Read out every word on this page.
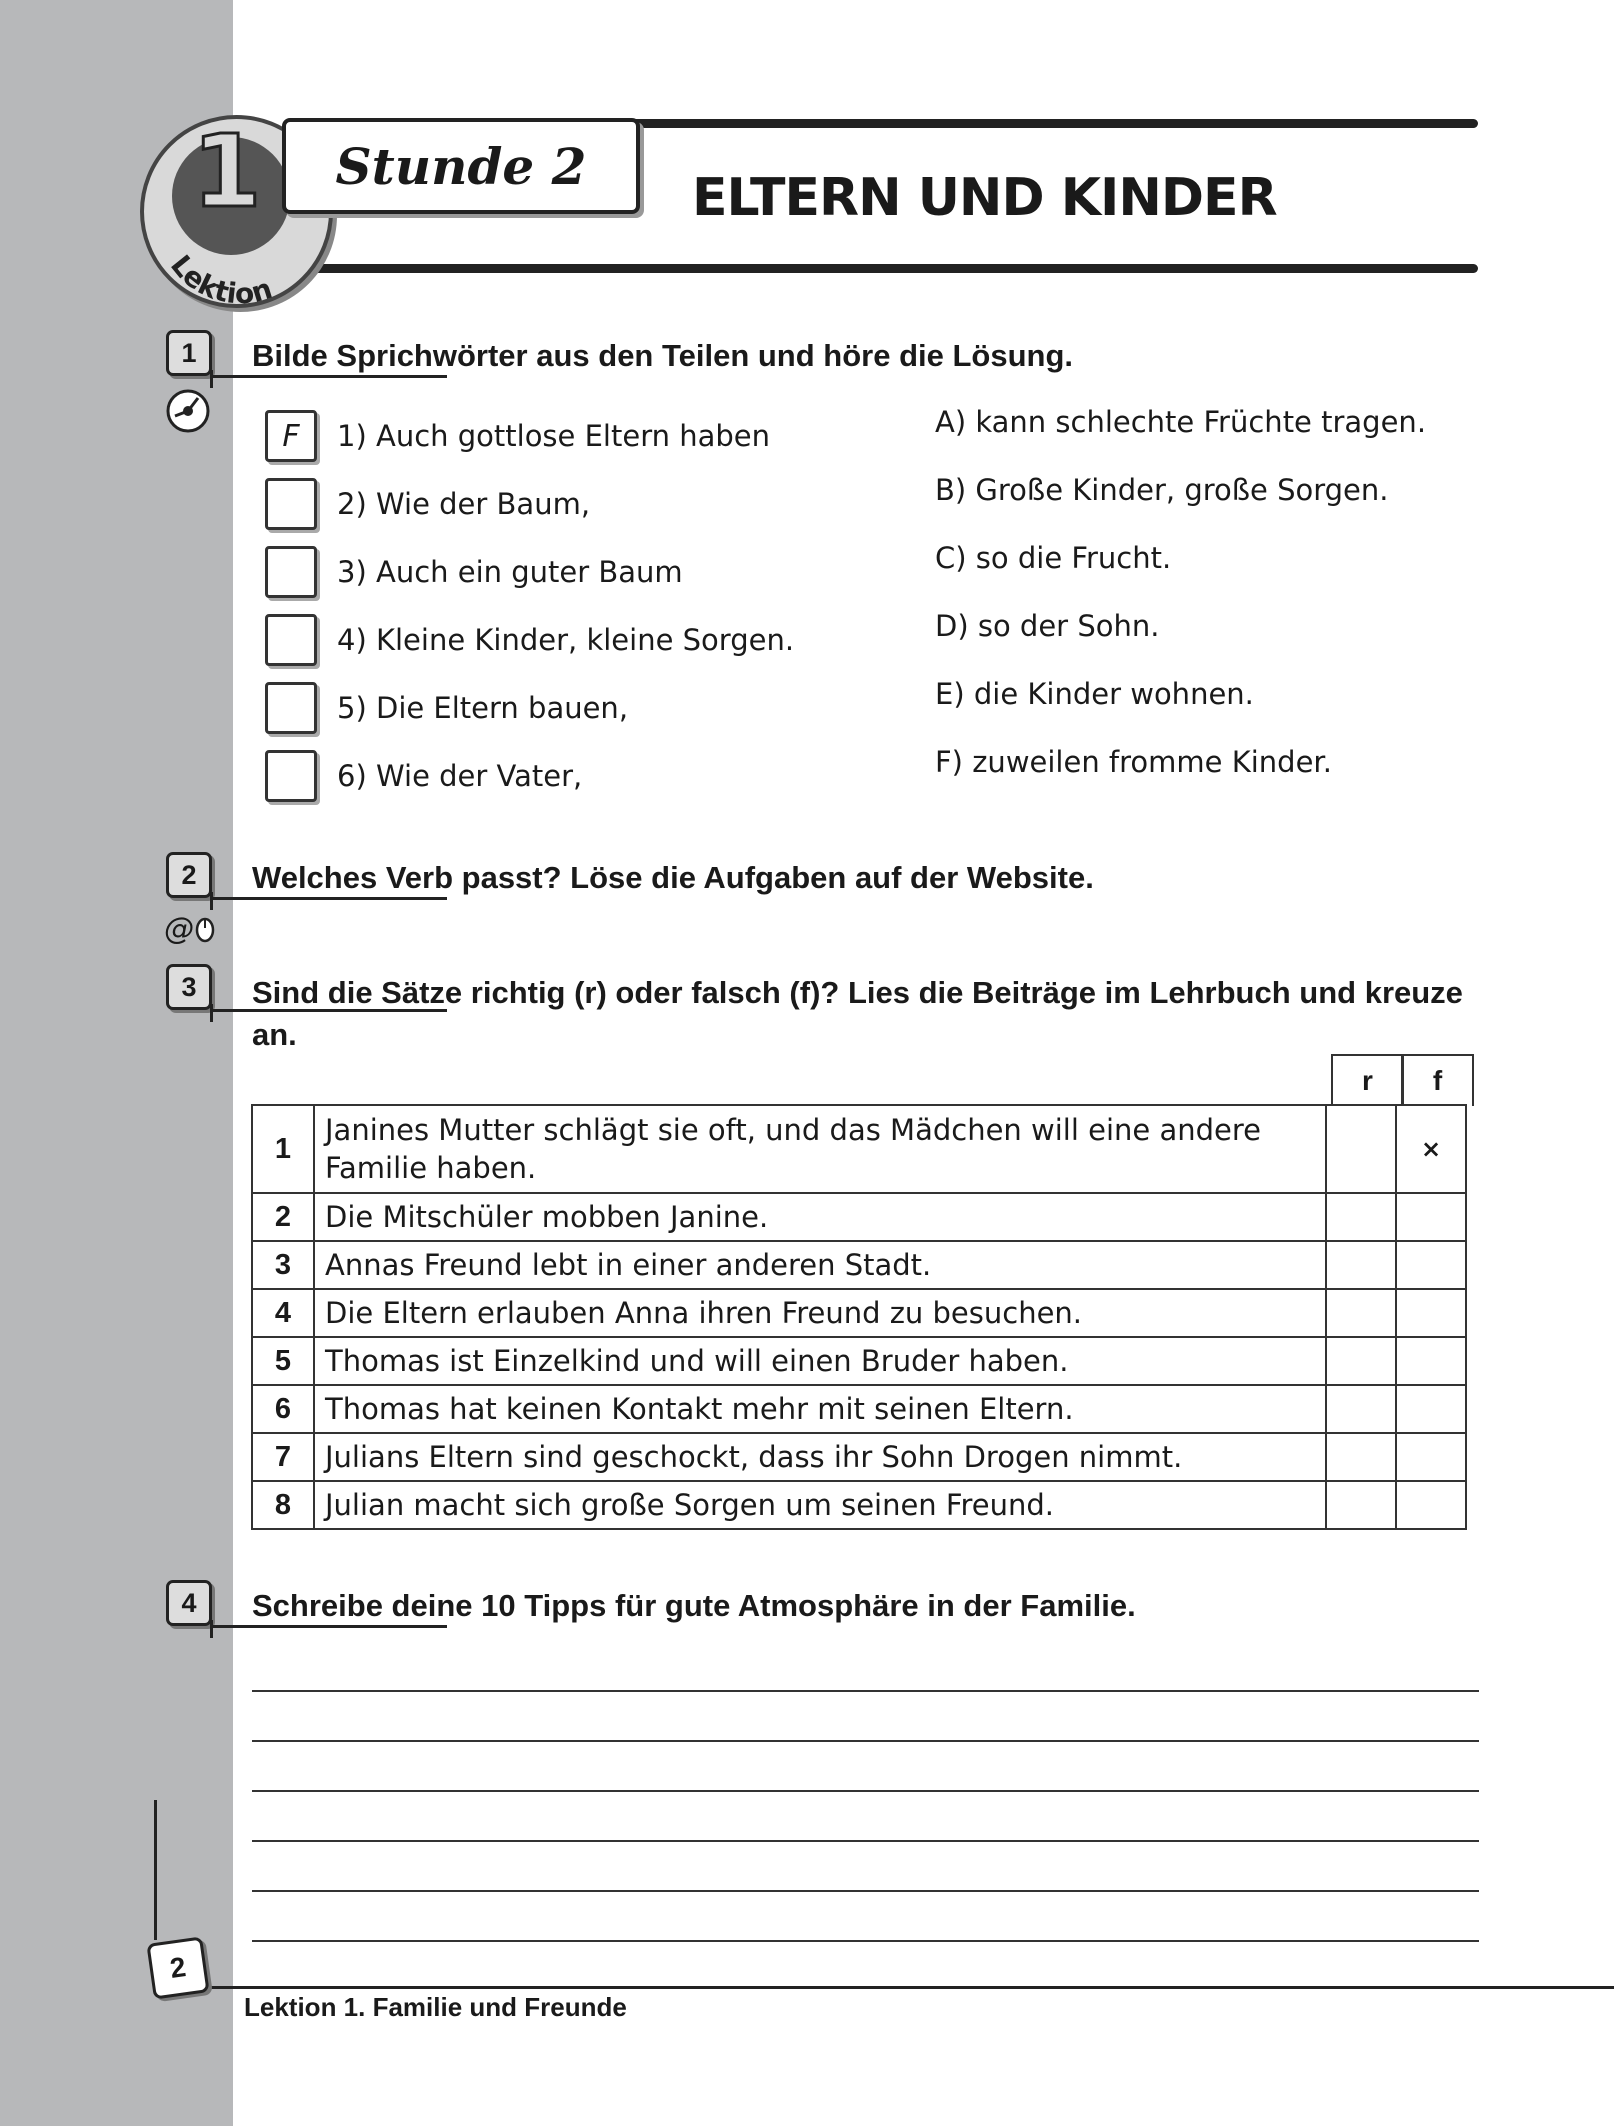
1
Lektion
Stunde 2
ELTERN UND KINDER
1	Bilde Sprichwörter aus den Teilen und höre die Lösung.
F	1) Auch gottlose Eltern haben
2) Wie der Baum,
3) Auch ein guter Baum
4) Kleine Kinder, kleine Sorgen.
5) Die Eltern bauen,
6) Wie der Vater,
A) kann schlechte Früchte tragen.
B) Große Kinder, große Sorgen.
C) so die Frucht.
D) so der Sohn.
E) die Kinder wohnen.
F) zuweilen fromme Kinder.
2	Welches Verb passt? Löse die Aufgaben auf der Website.
@
3	Sind die Sätze richtig (r) oder falsch (f)? Lies die Beiträge im Lehrbuch und kreuze
an.
r	f
1	Janines Mutter schlägt sie oft, und das Mädchen will eine andere Familie haben.		×
2	Die Mitschüler mobben Janine.		
3	Annas Freund lebt in einer anderen Stadt.		
4	Die Eltern erlauben Anna ihren Freund zu besuchen.		
5	Thomas ist Einzelkind und will einen Bruder haben.		
6	Thomas hat keinen Kontakt mehr mit seinen Eltern.		
7	Julians Eltern sind geschockt, dass ihr Sohn Drogen nimmt.		
8	Julian macht sich große Sorgen um seinen Freund.		
4	Schreibe deine 10 Tipps für gute Atmosphäre in der Familie.
2
Lektion 1. Familie und Freunde
